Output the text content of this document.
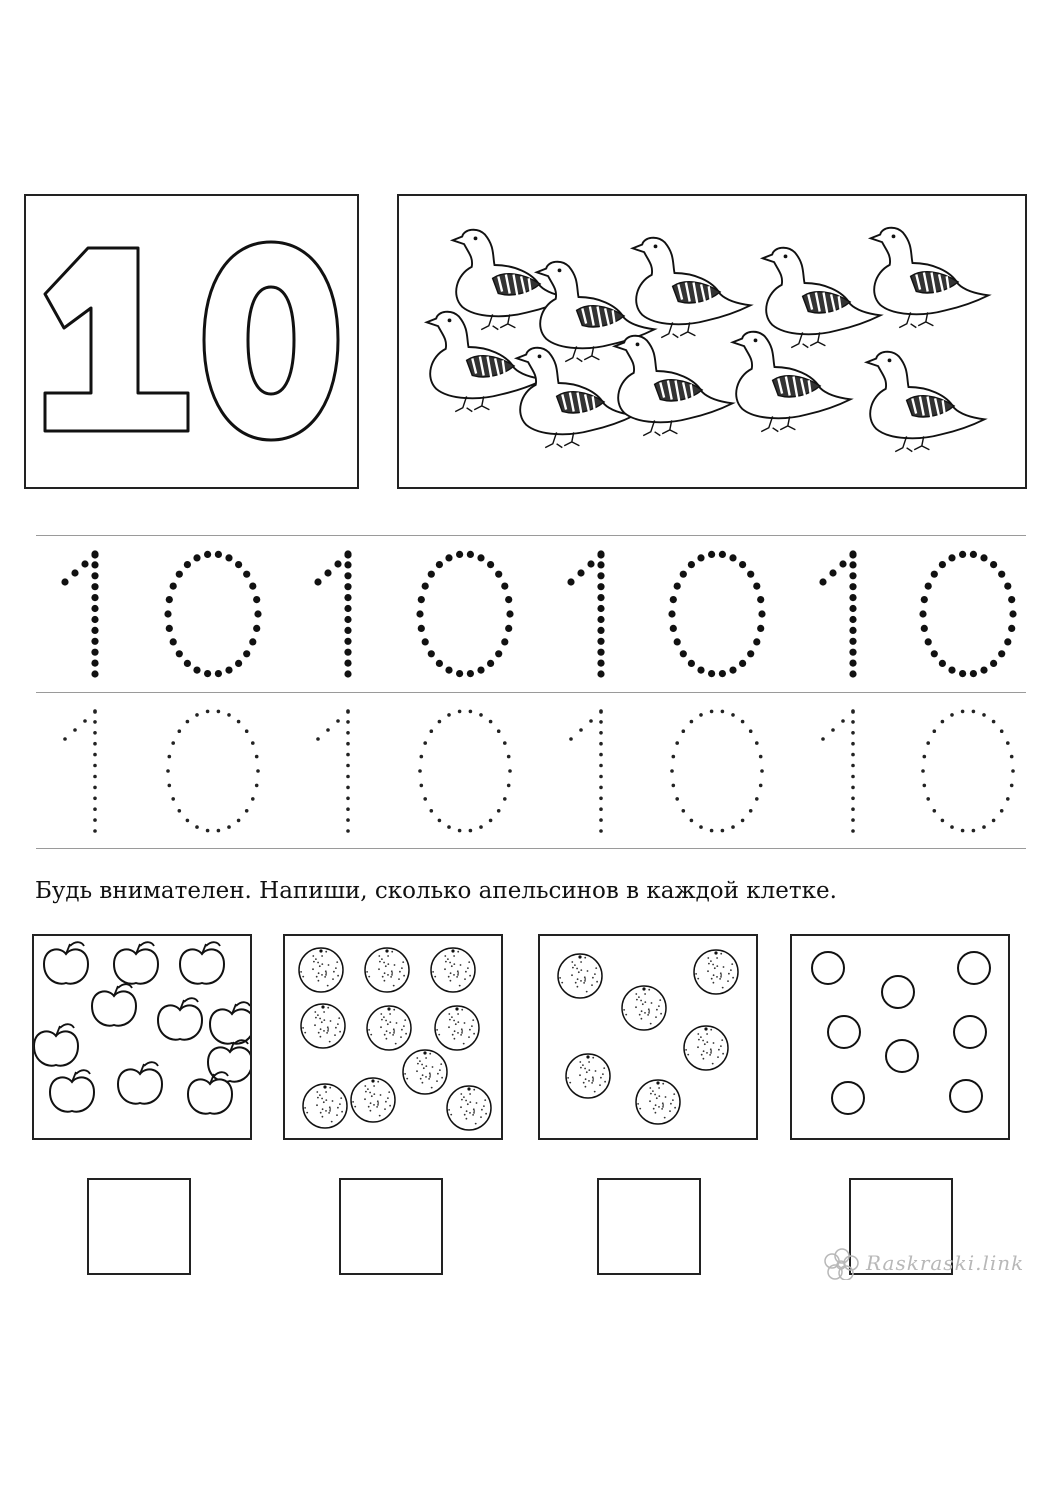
Будь внимателен. Напиши, сколько апельсинов в каждой клетке.

Raskraski.link
